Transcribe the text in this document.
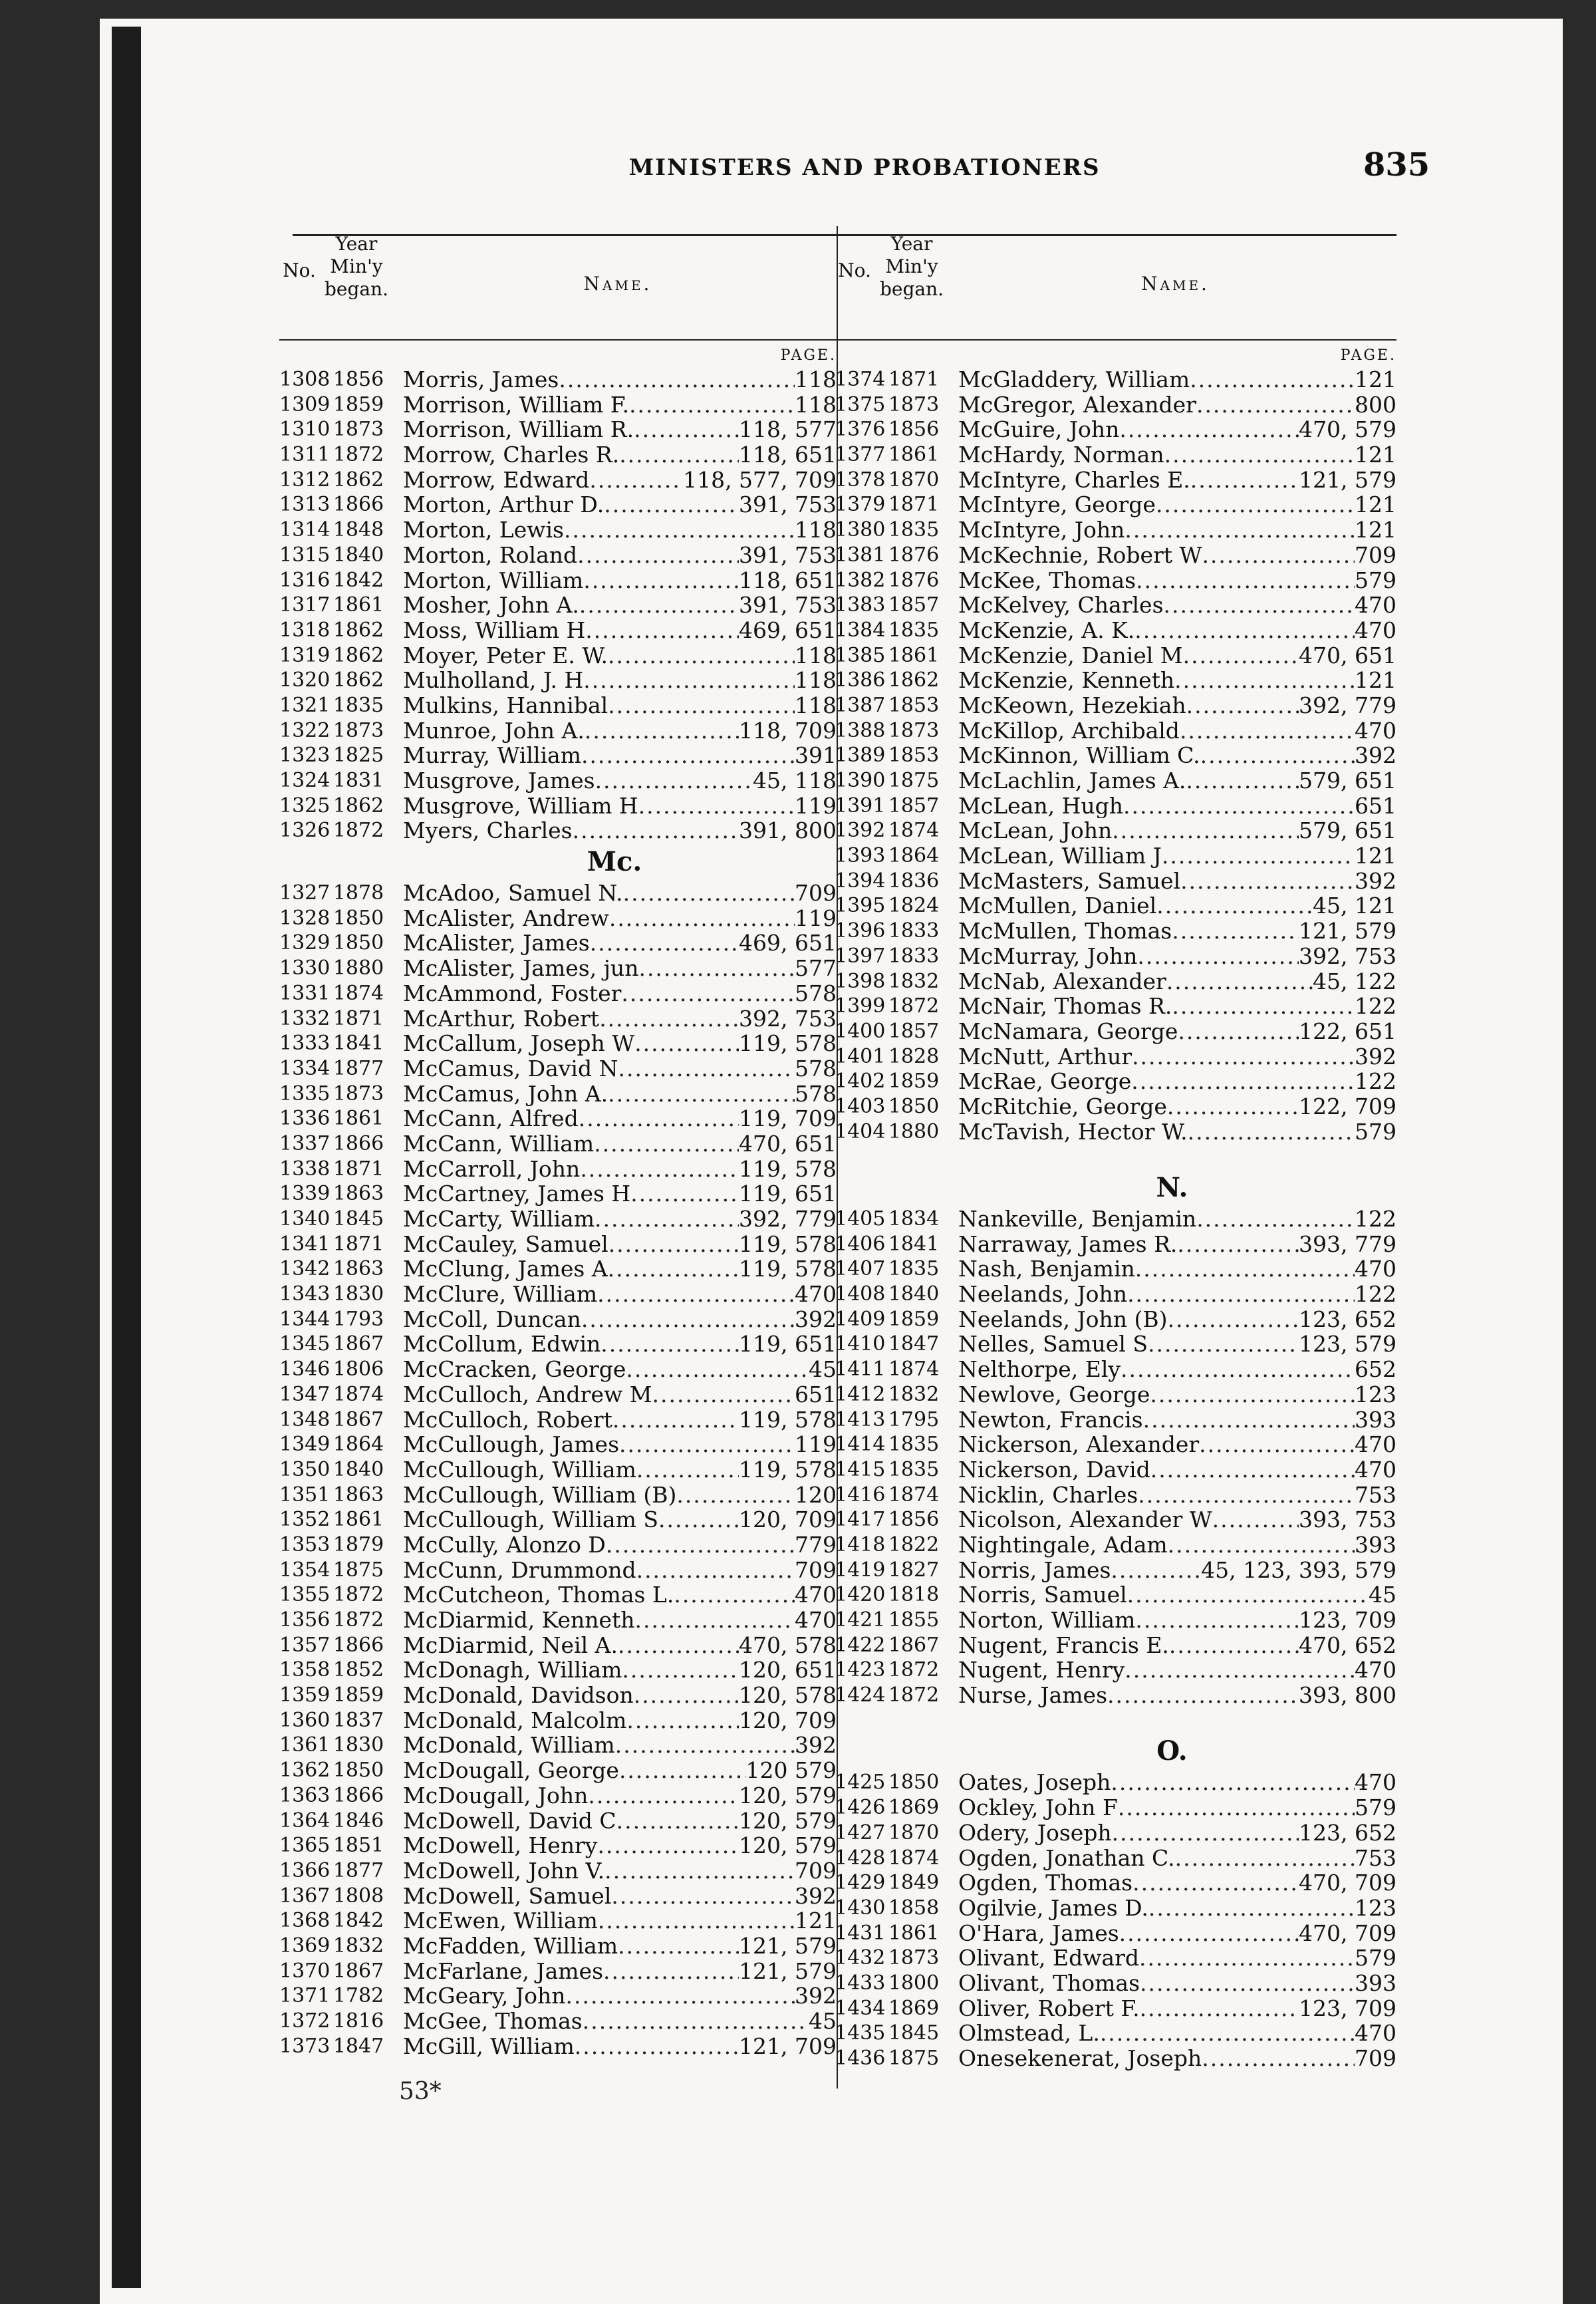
MINISTERS AND PROBATIONERS	835
No.
Year
Min'y
began.	Name.
PAGE.
1308 1856 Morris, James .....	118
1309 1859 Morrison, William F. .....	118
1310 1873 Morrison, William R. .....	118, 577
1311 1872 Morrow, Charles R. .....	118, 651
1312 1862 Morrow, Edward .....	118, 577, 709
1313 1866 Morton, Arthur D. .....	391, 753
1314 1848 Morton, Lewis .....	118
1315 1840 Morton, Roland .....	391, 753
1316 1842 Morton, William .....	118, 651
1317 1861 Mosher, John A. .....	391, 753
1318 1862 Moss, William H .....	469, 651
1319 1862 Moyer, Peter E. W. .....	118
1320 1862 Mulholland, J. H .....	118
1321 1835 Mulkins, Hannibal .....	118
1322 1873 Munroe, John A. .....	118, 709
1323 1825 Murray, William .....	391
1324 1831 Musgrove, James .....	45, 118
1325 1862 Musgrove, William H .....	119
1326 1872 Myers, Charles .....	391, 800
Mc.
1327 1878 McAdoo, Samuel N. .....	709
1328 1850 McAlister, Andrew .....	119
1329 1850 McAlister, James .....	469, 651
1330 1880 McAlister, James, jun .....	577
1331 1874 McAmmond, Foster .....	578
1332 1871 McArthur, Robert .....	392, 753
1333 1841 McCallum, Joseph W .....	119, 578
1334 1877 McCamus, David N .....	578
1335 1873 McCamus, John A. .....	578
1336 1861 McCann, Alfred .....	119, 709
1337 1866 McCann, William .....	470, 651
1338 1871 McCarroll, John .....	119, 578
1339 1863 McCartney, James H .....	119, 651
1340 1845 McCarty, William .....	392, 779
1341 1871 McCauley, Samuel .....	119, 578
1342 1863 McClung, James A .....	119, 578
1343 1830 McClure, William .....	470
1344 1793 McColl, Duncan .....	392
1345 1867 McCollum, Edwin .....	119, 651
1346 1806 McCracken, George .....	45
1347 1874 McCulloch, Andrew M .....	651
1348 1867 McCulloch, Robert .....	119, 578
1349 1864 McCullough, James .....	119
1350 1840 McCullough, William .....	119, 578
1351 1863 McCullough, William (B) .....	120
1352 1861 McCullough, William S .....	120, 709
1353 1879 McCully, Alonzo D .....	779
1354 1875 McCunn, Drummond .....	709
1355 1872 McCutcheon, Thomas L. .....	470
1356 1872 McDiarmid, Kenneth .....	470
1357 1866 McDiarmid, Neil A. .....	470, 578
1358 1852 McDonagh, William .....	120, 651
1359 1859 McDonald, Davidson .....	120, 578
1360 1837 McDonald, Malcolm .....	120, 709
1361 1830 McDonald, William .....	392
1362 1850 McDougall, George .....	120 579
1363 1866 McDougall, John .....	120, 579
1364 1846 McDowell, David C .....	120, 579
1365 1851 McDowell, Henry .....	120, 579
1366 1877 McDowell, John V. .....	709
1367 1808 McDowell, Samuel .....	392
1368 1842 McEwen, William .....	121
1369 1832 McFadden, William .....	121, 579
1370 1867 McFarlane, James .....	121, 579
1371 1782 McGeary, John .....	392
1372 1816 McGee, Thomas .....	45
1373 1847 McGill, William .....	121, 709
No.
Year
Min'y
began.	Name.
PAGE.
1374 1871 McGladdery, William .....	121
1375 1873 McGregor, Alexander .....	800
1376 1856 McGuire, John .....	470, 579
1377 1861 McHardy, Norman .....	121
1378 1870 McIntyre, Charles E. .....	121, 579
1379 1871 McIntyre, George .....	121
1380 1835 McIntyre, John .....	121
1381 1876 McKechnie, Robert W .....	709
1382 1876 McKee, Thomas .....	579
1383 1857 McKelvey, Charles .....	470
1384 1835 McKenzie, A. K. .....	470
1385 1861 McKenzie, Daniel M .....	470, 651
1386 1862 McKenzie, Kenneth .....	121
1387 1853 McKeown, Hezekiah .....	392, 779
1388 1873 McKillop, Archibald .....	470
1389 1853 McKinnon, William C. .....	392
1390 1875 McLachlin, James A. .....	579, 651
1391 1857 McLean, Hugh .....	651
1392 1874 McLean, John .....	579, 651
1393 1864 McLean, William J .....	121
1394 1836 McMasters, Samuel .....	392
1395 1824 McMullen, Daniel .....	45, 121
1396 1833 McMullen, Thomas .....	121, 579
1397 1833 McMurray, John .....	392, 753
1398 1832 McNab, Alexander .....	45, 122
1399 1872 McNair, Thomas R. .....	122
1400 1857 McNamara, George .....	122, 651
1401 1828 McNutt, Arthur .....	392
1402 1859 McRae, George .....	122
1403 1850 McRitchie, George .....	122, 709
1404 1880 McTavish, Hector W. .....	579
N.
1405 1834 Nankeville, Benjamin .....	122
1406 1841 Narraway, James R. .....	393, 779
1407 1835 Nash, Benjamin .....	470
1408 1840 Neelands, John .....	122
1409 1859 Neelands, John (B) .....	123, 652
1410 1847 Nelles, Samuel S .....	123, 579
1411 1874 Nelthorpe, Ely .....	652
1412 1832 Newlove, George .....	123
1413 1795 Newton, Francis .....	393
1414 1835 Nickerson, Alexander .....	470
1415 1835 Nickerson, David .....	470
1416 1874 Nicklin, Charles .....	753
1417 1856 Nicolson, Alexander W .....	393, 753
1418 1822 Nightingale, Adam .....	393
1419 1827 Norris, James .....	45, 123, 393, 579
1420 1818 Norris, Samuel .....	45
1421 1855 Norton, William .....	123, 709
1422 1867 Nugent, Francis E. .....	470, 652
1423 1872 Nugent, Henry .....	470
1424 1872 Nurse, James .....	393, 800
O.
1425 1850 Oates, Joseph .....	470
1426 1869 Ockley, John F .....	579
1427 1870 Odery, Joseph .....	123, 652
1428 1874 Ogden, Jonathan C. .....	753
1429 1849 Ogden, Thomas .....	470, 709
1430 1858 Ogilvie, James D. .....	123
1431 1861 O'Hara, James .....	470, 709
1432 1873 Olivant, Edward .....	579
1433 1800 Olivant, Thomas .....	393
1434 1869 Oliver, Robert F. .....	123, 709
1435 1845 Olmstead, L. .....	470
1436 1875 Onesekenerat, Joseph .....	709
53*
